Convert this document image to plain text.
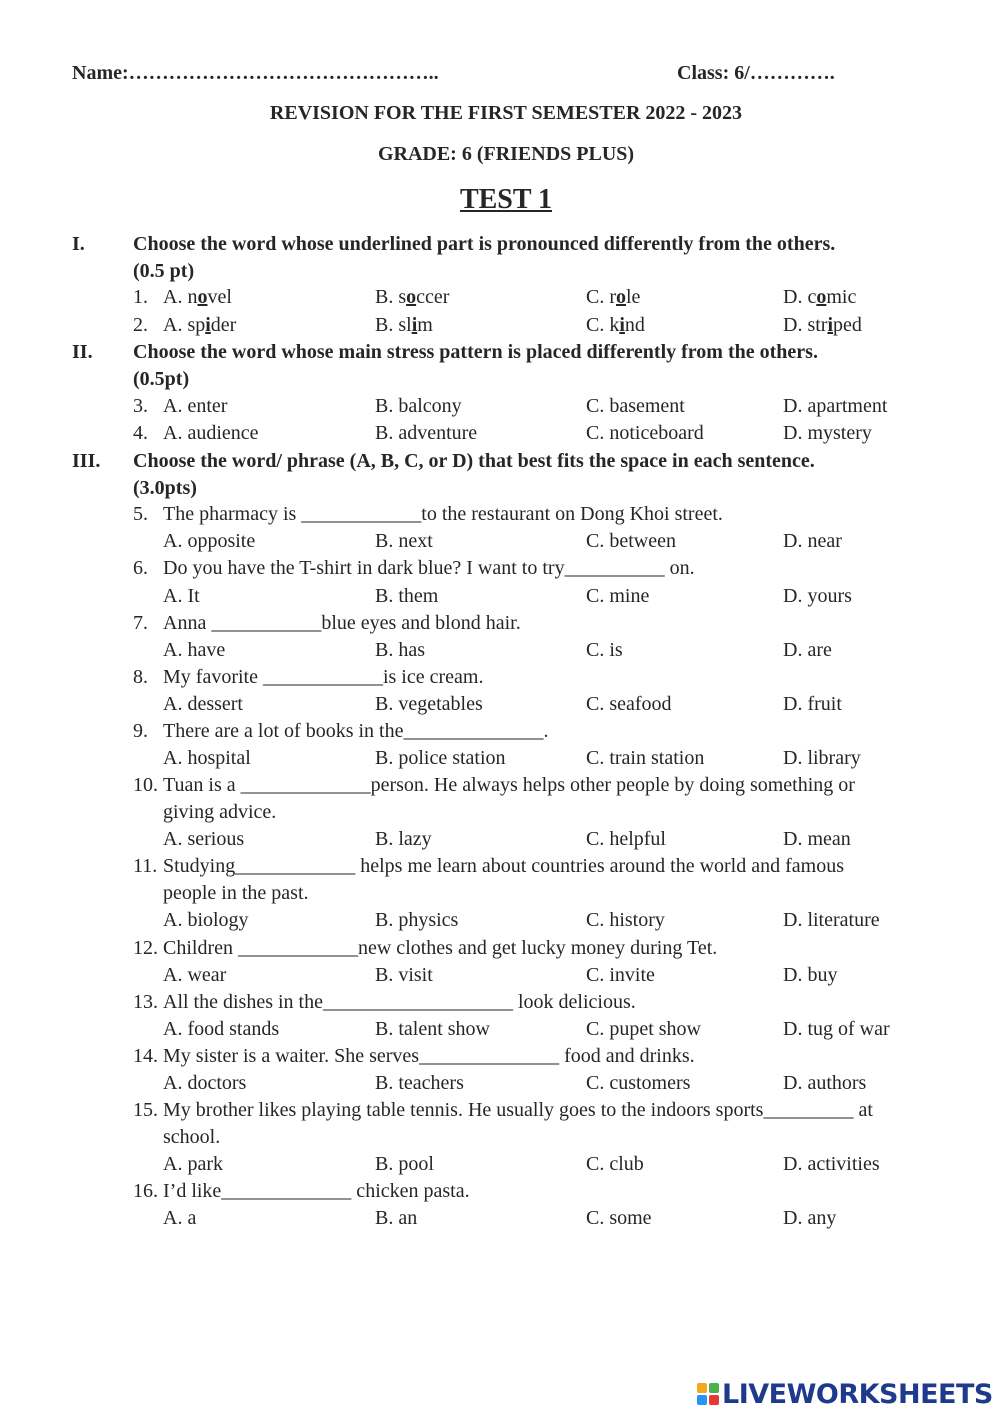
Name:………………………………………..	Class: 6/………….
REVISION FOR THE FIRST SEMESTER 2022 - 2023
GRADE: 6 (FRIENDS PLUS)
TEST 1
I. Choose the word whose underlined part is pronounced differently from the others.
(0.5 pt)
1. A. novel	B. soccer	C. role	D. comic
2. A. spider	B. slim	C. kind	D. striped
II. Choose the word whose main stress pattern is placed differently from the others.
(0.5pt)
3. A. enter	B. balcony	C. basement	D. apartment
4. A. audience	B. adventure	C. noticeboard	D. mystery
III. Choose the word/ phrase (A, B, C, or D) that best fits the space in each sentence.
(3.0pts)
5. The pharmacy is ____________to the restaurant on Dong Khoi street.
A. opposite	B. next	C. between	D. near
6. Do you have the T-shirt in dark blue? I want to try__________ on.
A. It	B. them	C. mine	D. yours
7. Anna ___________blue eyes and blond hair.
A. have	B. has	C. is	D. are
8. My favorite ____________is ice cream.
A. dessert	B. vegetables	C. seafood	D. fruit
9. There are a lot of books in the______________.
A. hospital	B. police station	C. train station	D. library
10. Tuan is a _____________person. He always helps other people by doing something or
giving advice.
A. serious	B. lazy	C. helpful	D. mean
11. Studying____________ helps me learn about countries around the world and famous
people in the past.
A. biology	B. physics	C. history	D. literature
12. Children ____________new clothes and get lucky money during Tet.
A. wear	B. visit	C. invite	D. buy
13. All the dishes in the___________________ look delicious.
A. food stands	B. talent show	C. pupet show	D. tug of war
14. My sister is a waiter. She serves______________ food and drinks.
A. doctors	B. teachers	C. customers	D. authors
15. My brother likes playing table tennis. He usually goes to the indoors sports_________ at
school.
A. park	B. pool	C. club	D. activities
16. I’d like_____________ chicken pasta.
A. a	B. an	C. some	D. any
LIVEWORKSHEETS
